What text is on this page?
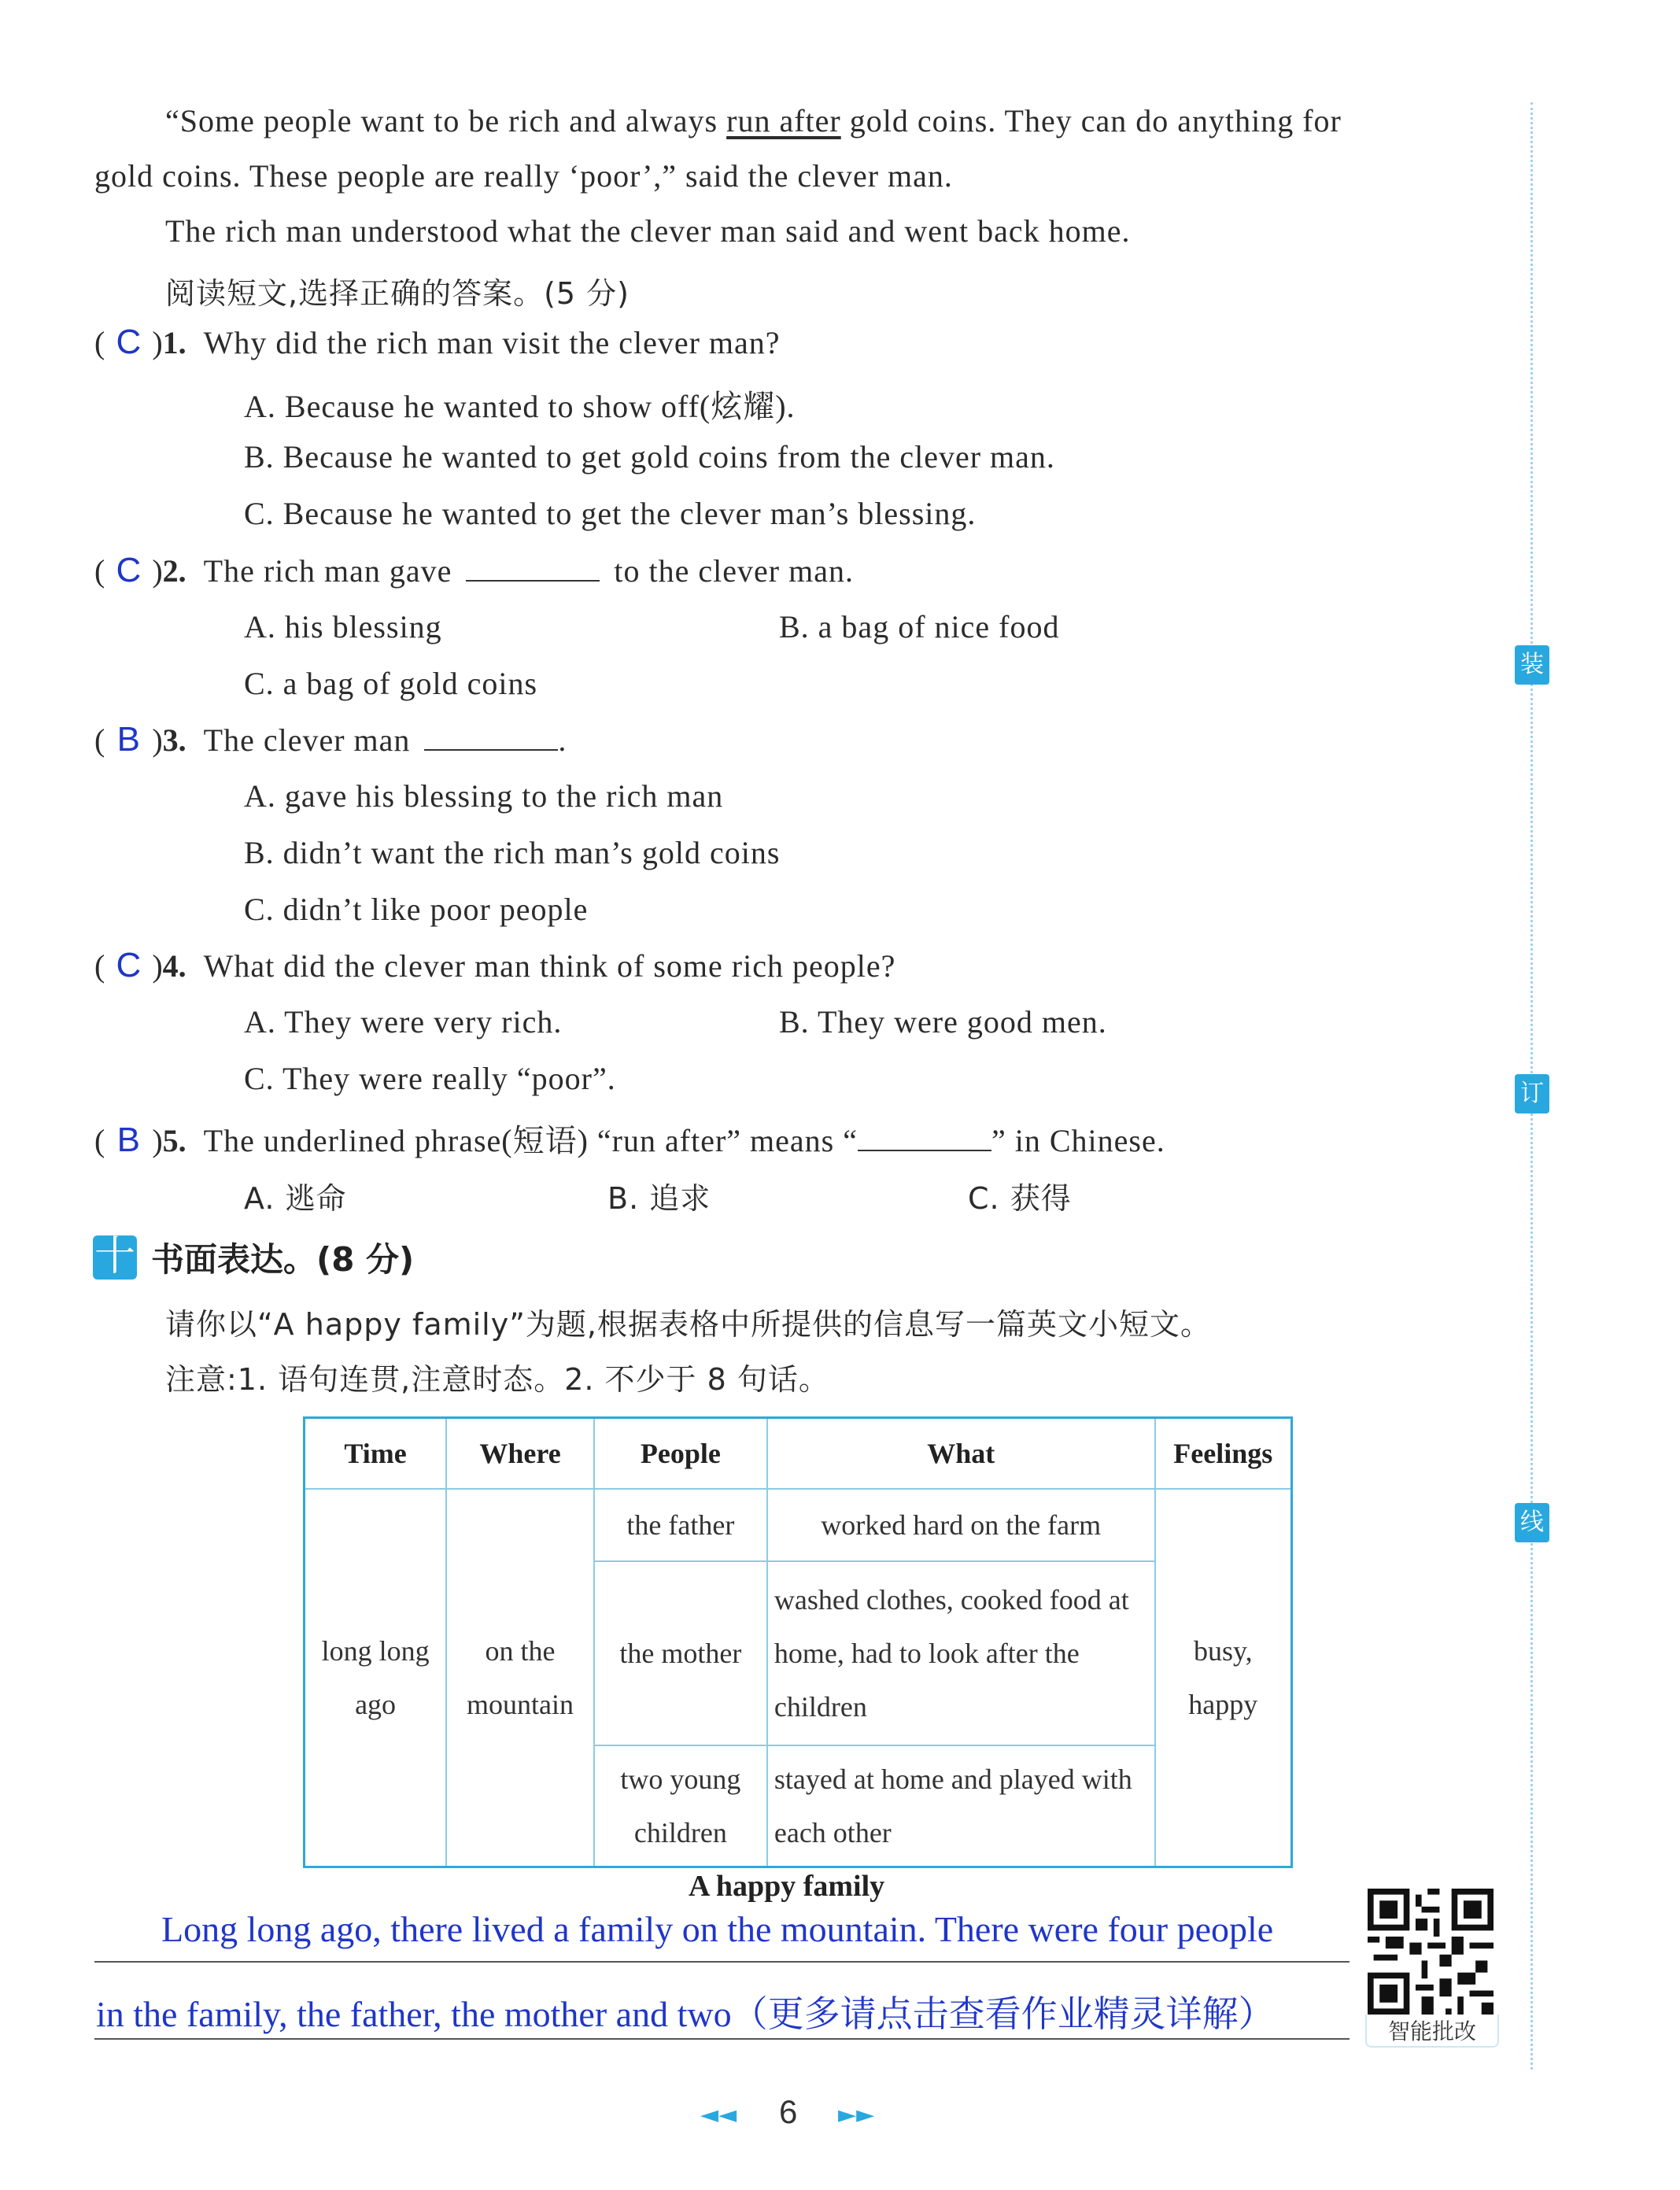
装
订
线
“Some people want to be rich and always run after gold coins. They can do anything for
gold coins. These people are really ‘poor’,” said the clever man.
The rich man understood what the clever man said and went back home.
阅读短文,选择正确的答案。(5 分)
( C ) 1. Why did the rich man visit the clever man?
A. Because he wanted to show off(炫耀).
B. Because he wanted to get gold coins from the clever man.
C. Because he wanted to get the clever man’s blessing.
( C ) 2. The rich man gave	to the clever man.
A. his blessing	B. a bag of nice food
C. a bag of gold coins
( B ) 3. The clever man	.
A. gave his blessing to the rich man
B. didn’t want the rich man’s gold coins
C. didn’t like poor people
( C ) 4. What did the clever man think of some rich people?
A. They were very rich.	B. They were good men.
C. They were really “poor”.
( B ) 5. The underlined phrase(短语) “run after” means “	” in Chinese.
A. 逃命	B. 追求	C. 获得
十 书面表达。(8 分)
请你以“A happy family”为题,根据表格中所提供的信息写一篇英文小短文。
注意:1. 语句连贯,注意时态。2. 不少于 8 句话。
Time	Where	People	What	Feelings
long long ago	on the mountain	the father	worked hard on the farm	busy, happy
		the mother	washed clothes, cooked food at home, had to look after the children	
		two young children	stayed at home and played with each other	
A happy family
Long long ago, there lived a family on the mountain. There were four people
in the family, the father, the mother and two（更多请点击查看作业精灵详解）	智能批改
◄◄ 6 ►►
